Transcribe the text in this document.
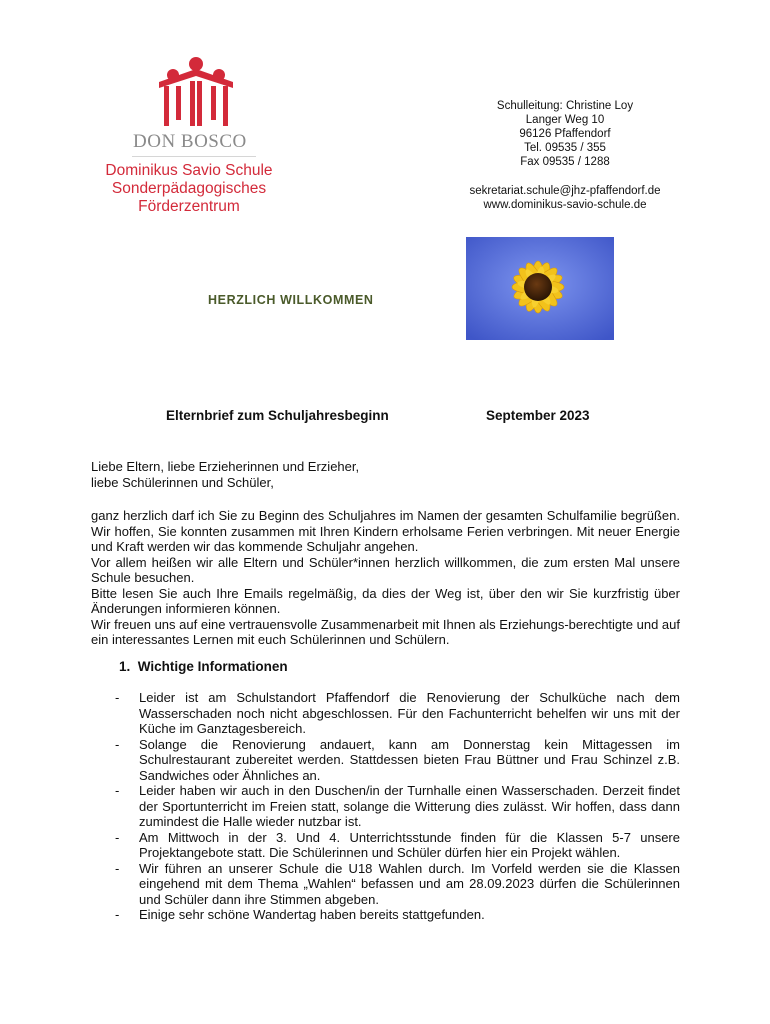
DON BOSCO
Dominikus Savio Schule
Sonderpädagogisches
Förderzentrum
Schulleitung: Christine Loy
Langer Weg 10
96126 Pfaffendorf
Tel. 09535 / 355
Fax 09535 / 1288
sekretariat.schule@jhz-pfaffendorf.de
www.dominikus-savio-schule.de
HERZLICH WILLKOMMEN
Elternbrief zum Schuljahresbeginn	September 2023
Liebe Eltern, liebe Erzieherinnen und Erzieher,
liebe Schülerinnen und Schüler,

ganz herzlich darf ich Sie zu Beginn des Schuljahres im Namen der gesamten Schulfamilie begrüßen. Wir hoffen, Sie konnten zusammen mit Ihren Kindern erholsame Ferien verbringen. Mit neuer Energie und Kraft werden wir das kommende Schuljahr angehen.

Vor allem heißen wir alle Eltern und Schüler*innen herzlich willkommen, die zum ersten Mal unsere Schule besuchen.

Bitte lesen Sie auch Ihre Emails regelmäßig, da dies der Weg ist, über den wir Sie kurzfristig über Änderungen informieren können.

Wir freuen uns auf eine vertrauensvolle Zusammenarbeit mit Ihnen als Erziehungs-berechtigte und auf ein interessantes Lernen mit euch Schülerinnen und Schülern.

1. Wichtige Informationen
- Leider ist am Schulstandort Pfaffendorf die Renovierung der Schulküche nach dem Wasserschaden noch nicht abgeschlossen. Für den Fachunterricht behelfen wir uns mit der Küche im Ganztagesbereich.
- Solange die Renovierung andauert, kann am Donnerstag kein Mittagessen im Schulrestaurant zubereitet werden. Stattdessen bieten Frau Büttner und Frau Schinzel z.B. Sandwiches oder Ähnliches an.
- Leider haben wir auch in den Duschen/in der Turnhalle einen Wasserschaden. Derzeit findet der Sportunterricht im Freien statt, solange die Witterung dies zulässt. Wir hoffen, dass dann zumindest die Halle wieder nutzbar ist.
- Am Mittwoch in der 3. Und 4. Unterrichtsstunde finden für die Klassen 5-7 unsere Projektangebote statt. Die Schülerinnen und Schüler dürfen hier ein Projekt wählen.
- Wir führen an unserer Schule die U18 Wahlen durch. Im Vorfeld werden sie die Klassen eingehend mit dem Thema „Wahlen“ befassen und am 28.09.2023 dürfen die Schülerinnen und Schüler dann ihre Stimmen abgeben.
- Einige sehr schöne Wandertag haben bereits stattgefunden.
